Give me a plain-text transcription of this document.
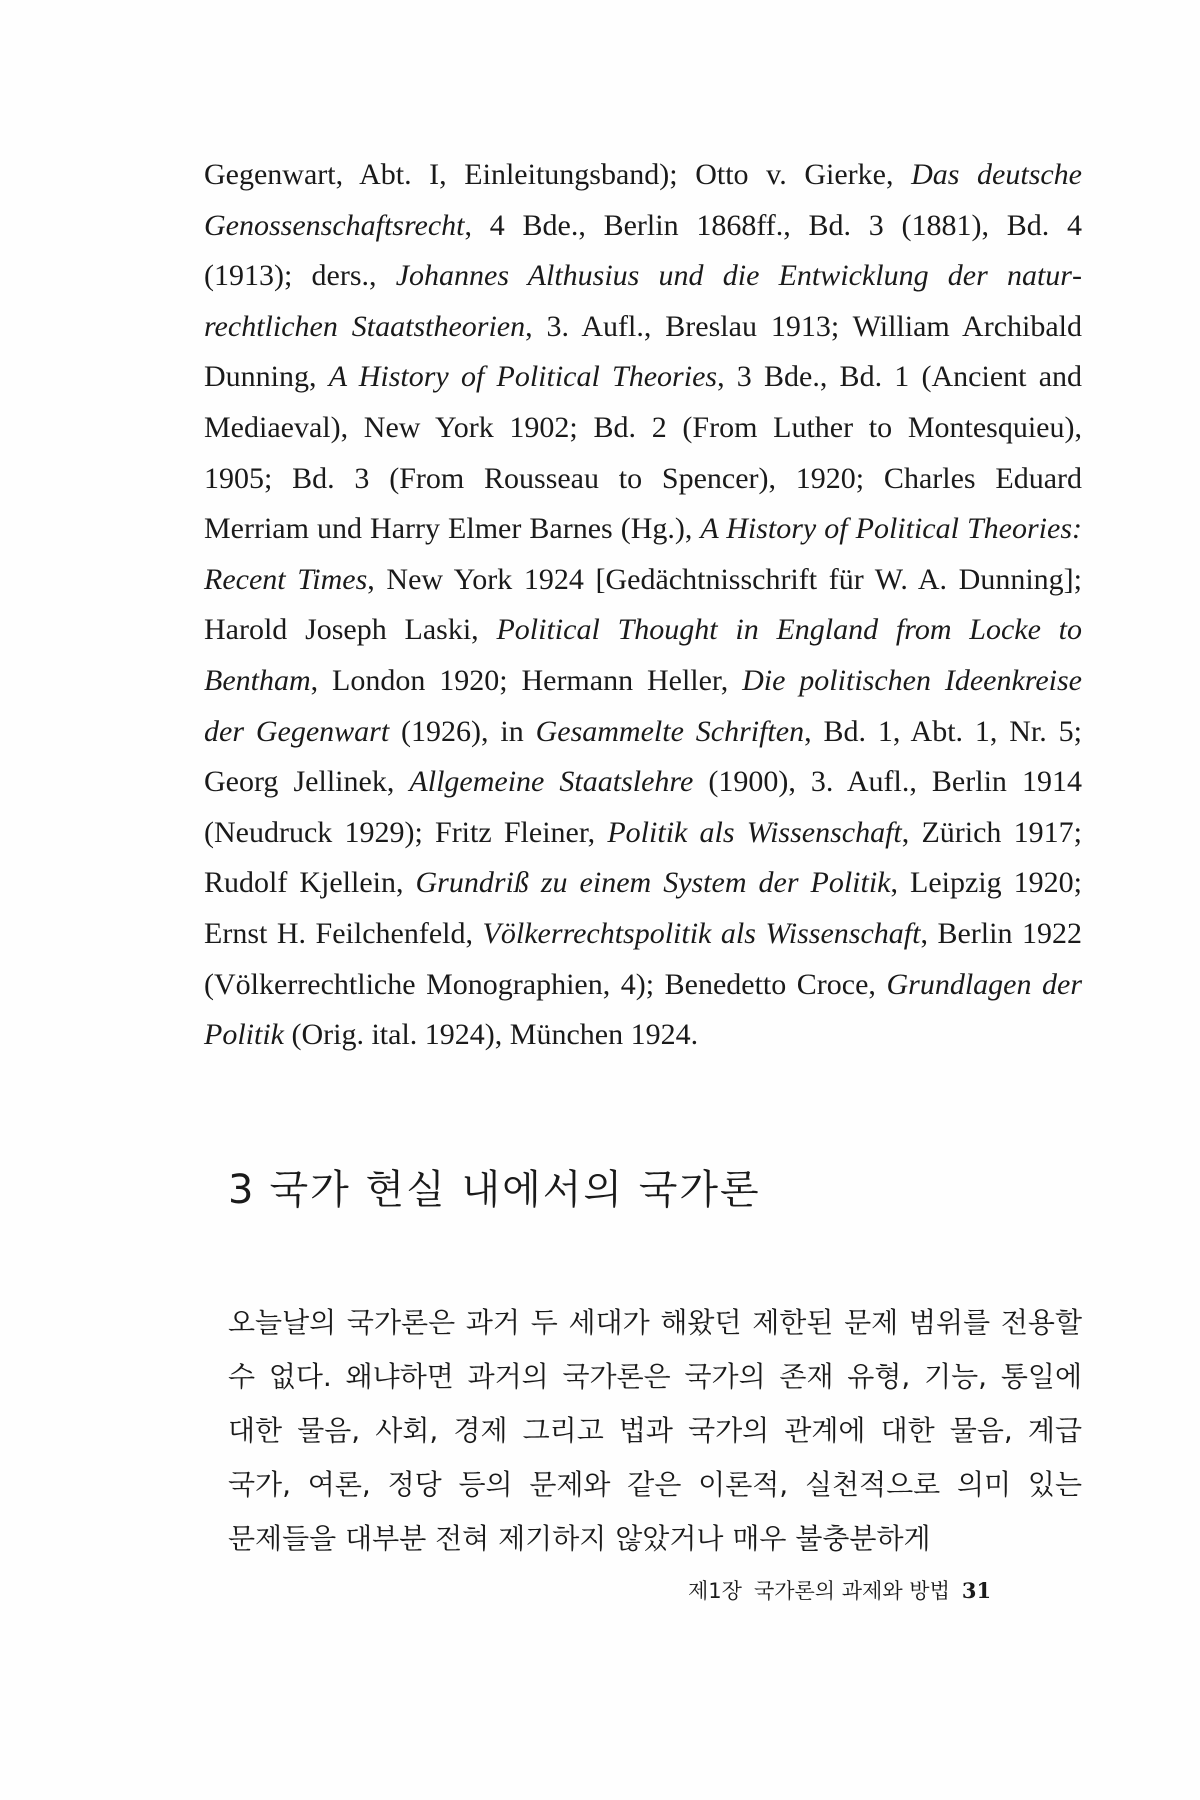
Gegenwart, Abt. I, Einleitungsband); Otto v. Gierke, Das deutsche Genossenschaftsrecht, 4 Bde., Berlin 1868ff., Bd. 3 (1881), Bd. 4 (1913); ders., Johannes Althusius und die Entwicklung der naturrechtlichen Staatstheorien, 3. Aufl., Breslau 1913; William Archibald Dunning, A History of Political Theories, 3 Bde., Bd. 1 (Ancient and Mediaeval), New York 1902; Bd. 2 (From Luther to Montesquieu), 1905; Bd. 3 (From Rousseau to Spencer), 1920; Charles Eduard Merriam und Harry Elmer Barnes (Hg.), A History of Political Theories: Recent Times, New York 1924 [Gedächtnisschrift für W. A. Dunning]; Harold Joseph Laski, Political Thought in England from Locke to Bentham, London 1920; Hermann Heller, Die politischen Ideenkreise der Gegenwart (1926), in Gesammelte Schriften, Bd. 1, Abt. 1, Nr. 5; Georg Jellinek, Allgemeine Staatslehre (1900), 3. Aufl., Berlin 1914 (Neudruck 1929); Fritz Fleiner, Politik als Wissenschaft, Zürich 1917; Rudolf Kjellein, Grundriß zu einem System der Politik, Leipzig 1920; Ernst H. Feilchenfeld, Völkerrechtspolitik als Wissenschaft, Berlin 1922 (Völkerrechtliche Monographien, 4); Benedetto Croce, Grundlagen der Politik (Orig. ital. 1924), München 1924.
3 국가 현실 내에서의 국가론

오늘날의 국가론은 과거 두 세대가 해왔던 제한된 문제 범위를 전용할 수 없다. 왜냐하면 과거의 국가론은 국가의 존재 유형, 기능, 통일에 대한 물음, 사회, 경제 그리고 법과 국가의 관계에 대한 물음, 계급 국가, 여론, 정당 등의 문제와 같은 이론적, 실천적으로 의미 있는 문제들을 대부분 전혀 제기하지 않았거나 매우 불충분하게

제1장 국가론의 과제와 방법 31
